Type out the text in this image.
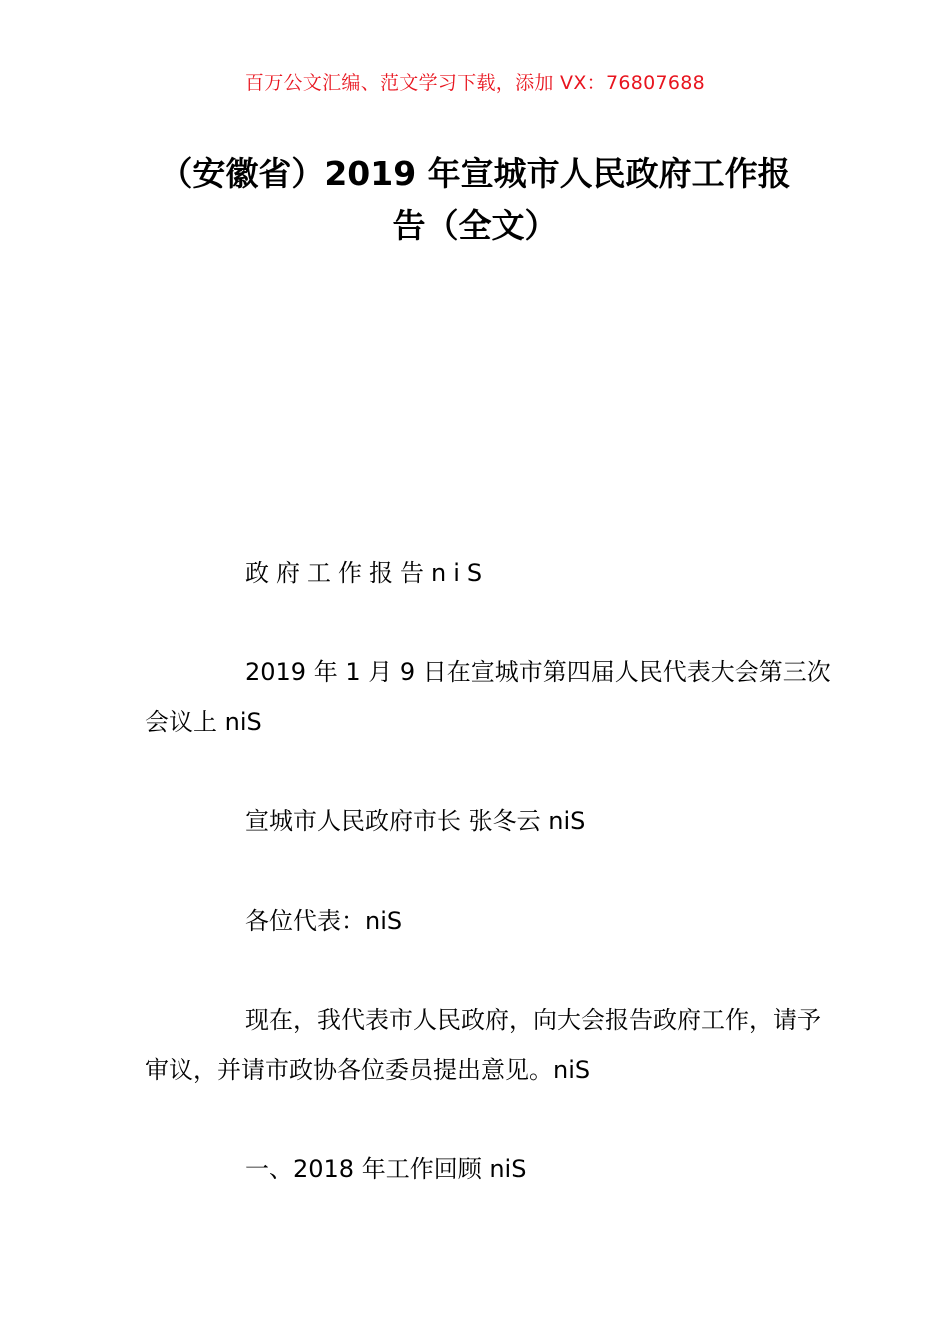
百万公文汇编、范文学习下载，添加 VX：76807688
（安徽省）2019 年宣城市人民政府工作报告（全文）
政府工作报告niS
2019 年 1 月 9 日在宣城市第四届人民代表大会第三次会议上 niS
宣城市人民政府市长 张冬云 niS
各位代表：niS
现在，我代表市人民政府，向大会报告政府工作，请予审议，并请市政协各位委员提出意见。niS
一、2018 年工作回顾 niS
